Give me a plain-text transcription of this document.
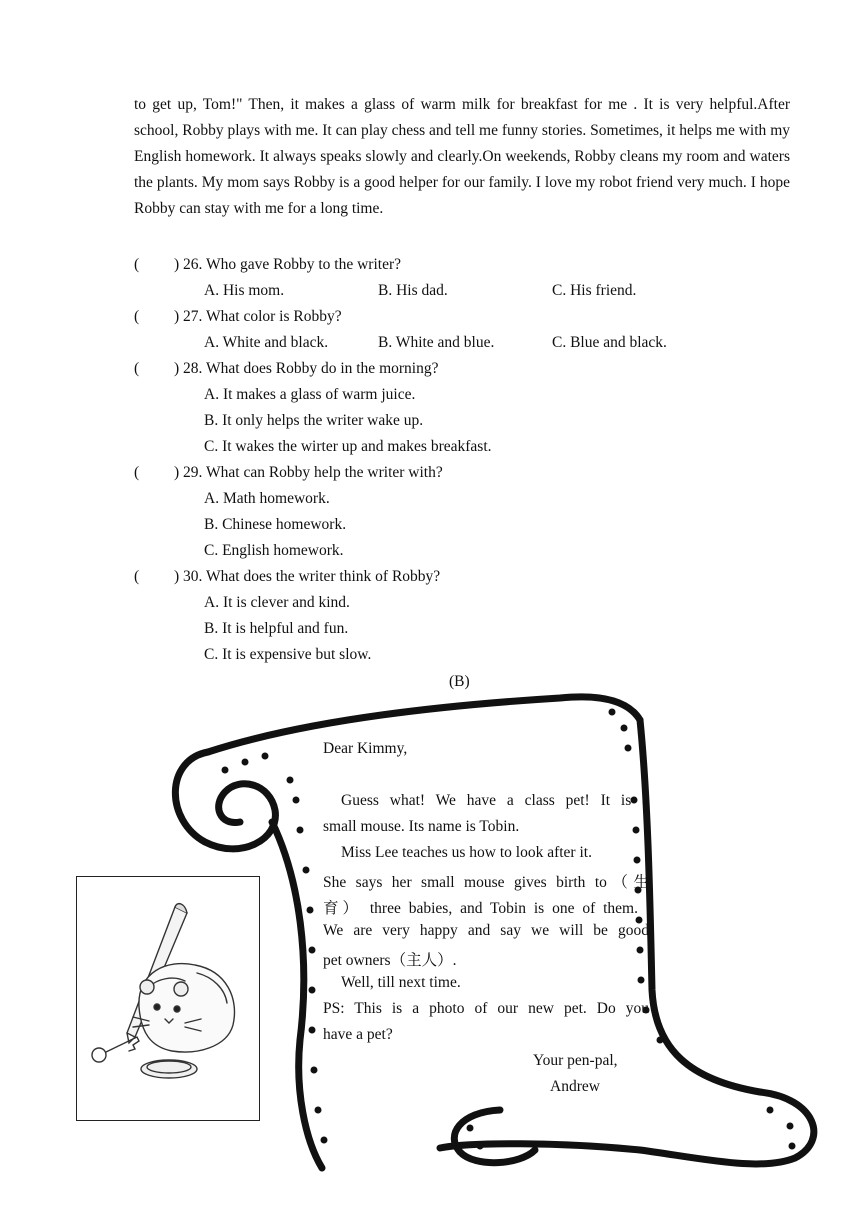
to get up, Tom!" Then, it makes a glass of warm milk for breakfast for me . It is very helpful.After school, Robby plays with me. It can play chess and tell me funny stories. Sometimes, it helps me with my English homework. It always speaks slowly and clearly.On weekends, Robby cleans my room and waters the plants. My mom says Robby is a good helper for our family. I love my robot friend very much. I hope Robby can stay with me for a long time.
( ) 26. Who gave Robby to the writer?
A. His mom.	B. His dad.	C. His friend.
( ) 27. What color is Robby?
A. White and black.	B. White and blue.	C. Blue and black.
( ) 28. What does Robby do in the morning?
A. It makes a glass of warm juice.
B. It only helps the writer wake up.
C. It wakes the wirter up and makes breakfast.
( ) 29. What can Robby help the writer with?
A. Math homework.
B. Chinese homework.
C. English homework.
( ) 30. What does the writer think of Robby?
A. It is clever and kind.
B. It is helpful and fun.
C. It is expensive but slow.
(B)
Dear Kimmy,
Guess what! We have a class pet! It is a
small mouse. Its name is Tobin.
Miss Lee teaches us how to look after it.
She says her small mouse gives birth to（生
育） three babies, and Tobin is one of them.
We are very happy and say we will be good
pet owners（主人）.
Well, till next time.
PS: This is a photo of our new pet. Do you
have a pet?
Your pen-pal,
Andrew
